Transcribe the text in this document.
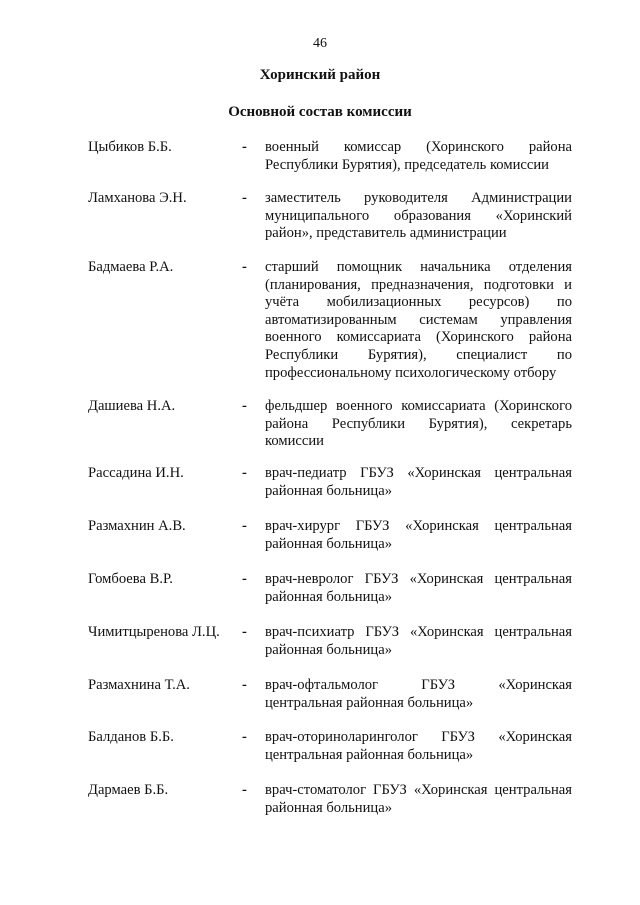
46
Хоринский район
Основной состав комиссии
Цыбиков Б.Б.	- военный комиссар (Хоринского района Республики Бурятия), председатель комиссии
Ламханова Э.Н.	- заместитель руководителя Администрации муниципального образования «Хоринский район», представитель администрации
Бадмаева Р.А.	- старший помощник начальника отделения (планирования, предназначения, подготовки и учёта мобилизационных ресурсов) по автоматизированным системам управления военного комиссариата (Хоринского района Республики Бурятия), специалист по профессиональному психологическому отбору
Дашиева Н.А.	- фельдшер военного комиссариата (Хоринского района Республики Бурятия), секретарь комиссии
Рассадина И.Н.	- врач-педиатр ГБУЗ «Хоринская центральная районная больница»
Размахнин А.В.	- врач-хирург ГБУЗ «Хоринская центральная районная больница»
Гомбоева В.Р.	- врач-невролог ГБУЗ «Хоринская центральная районная больница»
Чимитцыренова Л.Ц. - врач-психиатр ГБУЗ «Хоринская центральная районная больница»
Размахнина Т.А.	- врач-офтальмолог ГБУЗ «Хоринская центральная районная больница»
Балданов Б.Б.	- врач-оториноларинголог ГБУЗ «Хоринская центральная районная больница»
Дармаев Б.Б.	- врач-стоматолог ГБУЗ «Хоринская центральная районная больница»
